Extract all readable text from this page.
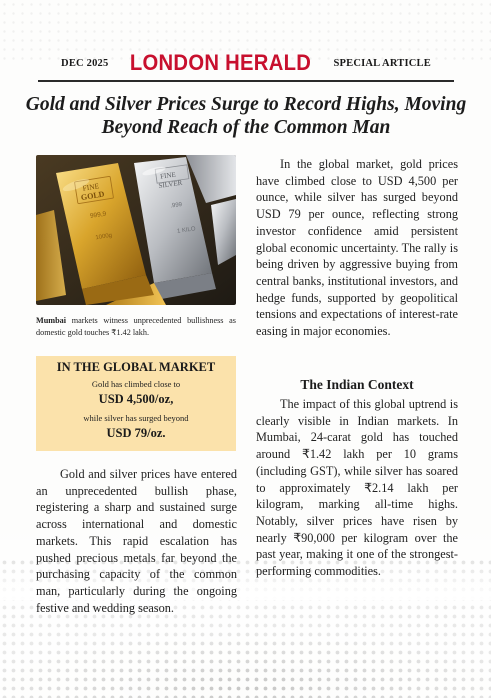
DEC 2025 LONDON HERALD SPECIAL ARTICLE
Gold and Silver Prices Surge to Record Highs, Moving Beyond Reach of the Common Man
FINE
SILVER
.999
1 KILO
FINE
GOLD
999,9
1000g

Mumbai markets witness unprecedented bullishness as domestic gold touches ₹1.42 lakh.

IN THE GLOBAL MARKET
Gold has climbed close to
USD 4,500/oz,
while silver has surged beyond
USD 79/oz.

Gold and silver prices have entered an unprecedented bullish phase, registering a sharp and sustained surge across international and domestic markets. This rapid escalation has pushed precious metals far beyond the purchasing capacity of the common man, particularly during the ongoing festive and wedding season.

In the global market, gold prices have climbed close to USD 4,500 per ounce, while silver has surged beyond USD 79 per ounce, reflecting strong investor confidence amid persistent global economic uncertainty. The rally is being driven by aggressive buying from central banks, institutional investors, and hedge funds, supported by geopolitical tensions and expectations of interest-rate easing in major economies.

The Indian Context

The impact of this global uptrend is clearly visible in Indian markets. In Mumbai, 24-carat gold has touched around ₹1.42 lakh per 10 grams (including GST), while silver has soared to approximately ₹2.14 lakh per kilogram, marking all-time highs. Notably, silver prices have risen by nearly ₹90,000 per kilogram over the past year, making it one of the strongest-performing commodities.
